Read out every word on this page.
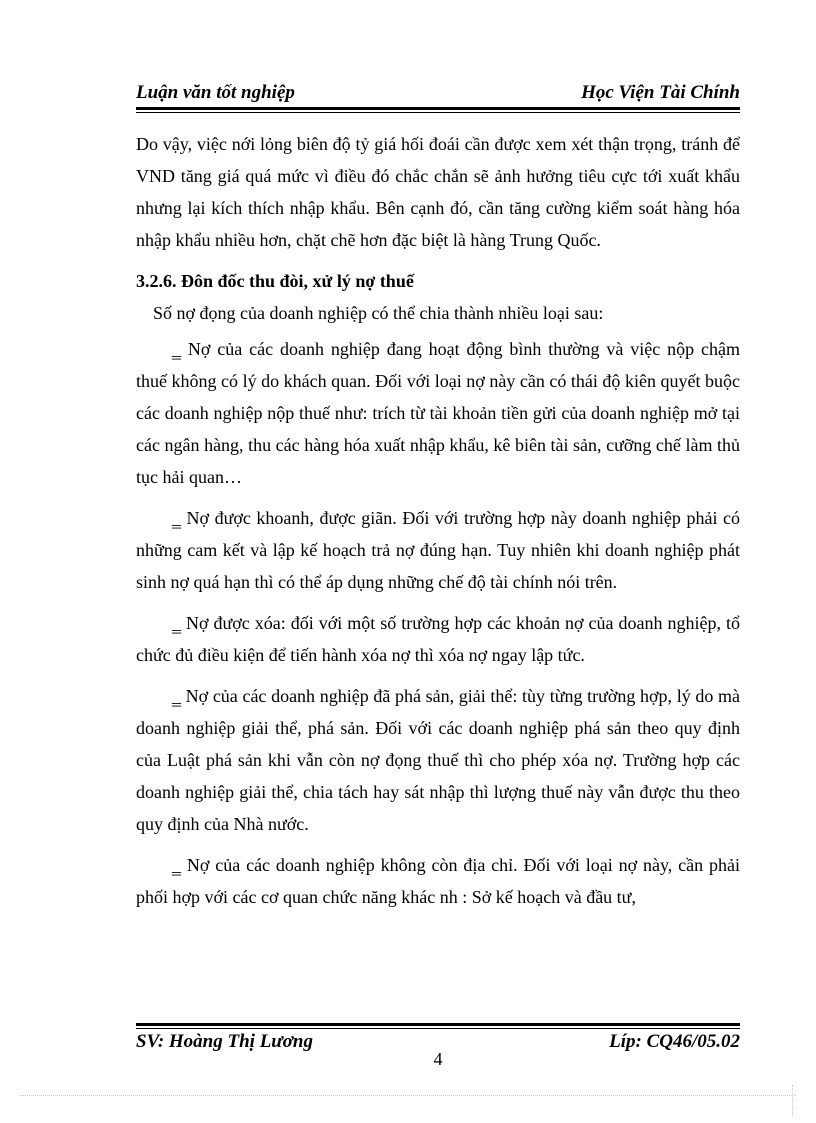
Luận văn tốt nghiệp	Học Viện Tài Chính

Do vậy, việc nới lỏng biên độ tỷ giá hối đoái cần được xem xét thận trọng, tránh để VND tăng giá quá mức vì điều đó chắc chắn sẽ ảnh hưởng tiêu cực tới xuất khẩu nhưng lại kích thích nhập khẩu. Bên cạnh đó, cần tăng cường kiểm soát hàng hóa nhập khẩu nhiều hơn, chặt chẽ hơn đặc biệt là hàng Trung Quốc.

3.2.6. Đôn đốc thu đòi, xử lý nợ thuế

Số nợ đọng của doanh nghiệp có thể chia thành nhiều loại sau:

‗ Nợ của các doanh nghiệp đang hoạt động bình thường và việc nộp chậm thuế không có lý do khách quan. Đối với loại nợ này cần có thái độ kiên quyết buộc các doanh nghiệp nộp thuế như: trích từ tài khoản tiền gửi của doanh nghiệp mở tại các ngân hàng, thu các hàng hóa xuất nhập khẩu, kê biên tài sản, cưỡng chế làm thủ tục hải quan…

‗ Nợ được khoanh, được giãn. Đối với trường hợp này doanh nghiệp phải có những cam kết và lập kế hoạch trả nợ đúng hạn. Tuy nhiên khi doanh nghiệp phát sinh nợ quá hạn thì có thể áp dụng những chế độ tài chính nói trên.

‗ Nợ được xóa: đối với một số trường hợp các khoản nợ của doanh nghiệp, tổ chức đủ điều kiện để tiến hành xóa nợ thì xóa nợ ngay lập tức.

‗ Nợ của các doanh nghiệp đã phá sản, giải thể: tùy từng trường hợp, lý do mà doanh nghiệp giải thể, phá sản. Đối với các doanh nghiệp phá sản theo quy định của Luật phá sản khi vẫn còn nợ đọng thuế thì cho phép xóa nợ. Trường hợp các doanh nghiệp giải thể, chia tách hay sát nhập thì lượng thuế này vẫn được thu theo quy định của Nhà nước.

‗ Nợ của các doanh nghiệp không còn địa chỉ. Đối với loại nợ này, cần phải phối hợp với các cơ quan chức năng khác nh : Sở kế hoạch và đầu tư,

SV: Hoàng Thị Lương	Líp: CQ46/05.02
4
